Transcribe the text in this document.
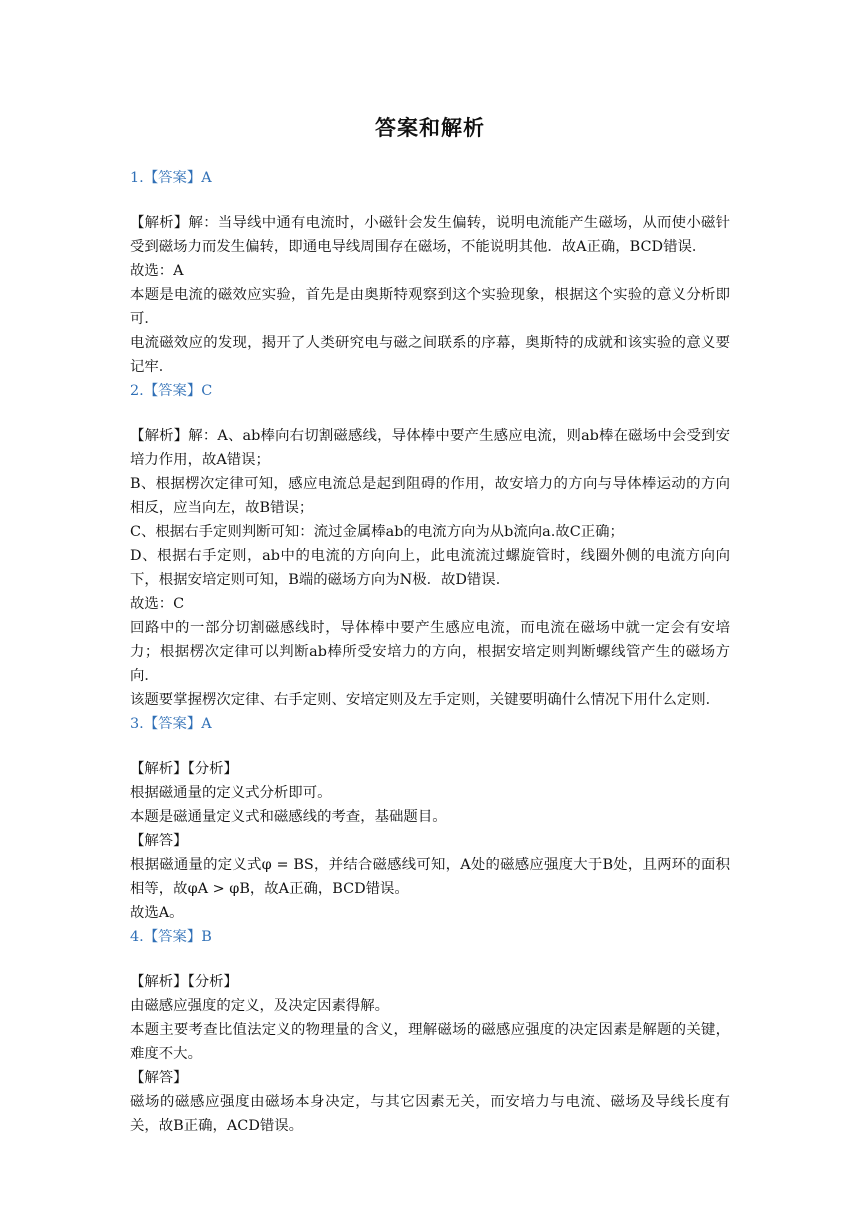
答案和解析

1.【答案】A

【解析】解：当导线中通有电流时，小磁针会发生偏转，说明电流能产生磁场，从而使小磁针受到磁场力而发生偏转，即通电导线周围存在磁场，不能说明其他．故A正确，BCD错误．

故选：A

本题是电流的磁效应实验，首先是由奥斯特观察到这个实验现象，根据这个实验的意义分析即可．

电流磁效应的发现，揭开了人类研究电与磁之间联系的序幕，奥斯特的成就和该实验的意义要记牢．

2.【答案】C

【解析】解：A、ab棒向右切割磁感线，导体棒中要产生感应电流，则ab棒在磁场中会受到安培力作用，故A错误；

B、根据楞次定律可知，感应电流总是起到阻碍的作用，故安培力的方向与导体棒运动的方向相反，应当向左，故B错误；

C、根据右手定则判断可知：流过金属棒ab的电流方向为从b流向a.故C正确；

D、根据右手定则，ab中的电流的方向向上，此电流流过螺旋管时，线圈外侧的电流方向向下，根据安培定则可知，B端的磁场方向为N极．故D错误．

故选：C

回路中的一部分切割磁感线时，导体棒中要产生感应电流，而电流在磁场中就一定会有安培力；根据楞次定律可以判断ab棒所受安培力的方向，根据安培定则判断螺线管产生的磁场方向．

该题要掌握楞次定律、右手定则、安培定则及左手定则，关键要明确什么情况下用什么定则．

3.【答案】A

【解析】【分析】

根据磁通量的定义式分析即可。

本题是磁通量定义式和磁感线的考查，基础题目。

【解答】

根据磁通量的定义式φ = BS，并结合磁感线可知，A处的磁感应强度大于B处，且两环的面积相等，故φA > φB，故A正确，BCD错误。

故选A。

4.【答案】B

【解析】【分析】

由磁感应强度的定义，及决定因素得解。

本题主要考查比值法定义的物理量的含义，理解磁场的磁感应强度的决定因素是解题的关键，难度不大。

【解答】

磁场的磁感应强度由磁场本身决定，与其它因素无关，而安培力与电流、磁场及导线长度有关，故B正确，ACD错误。
